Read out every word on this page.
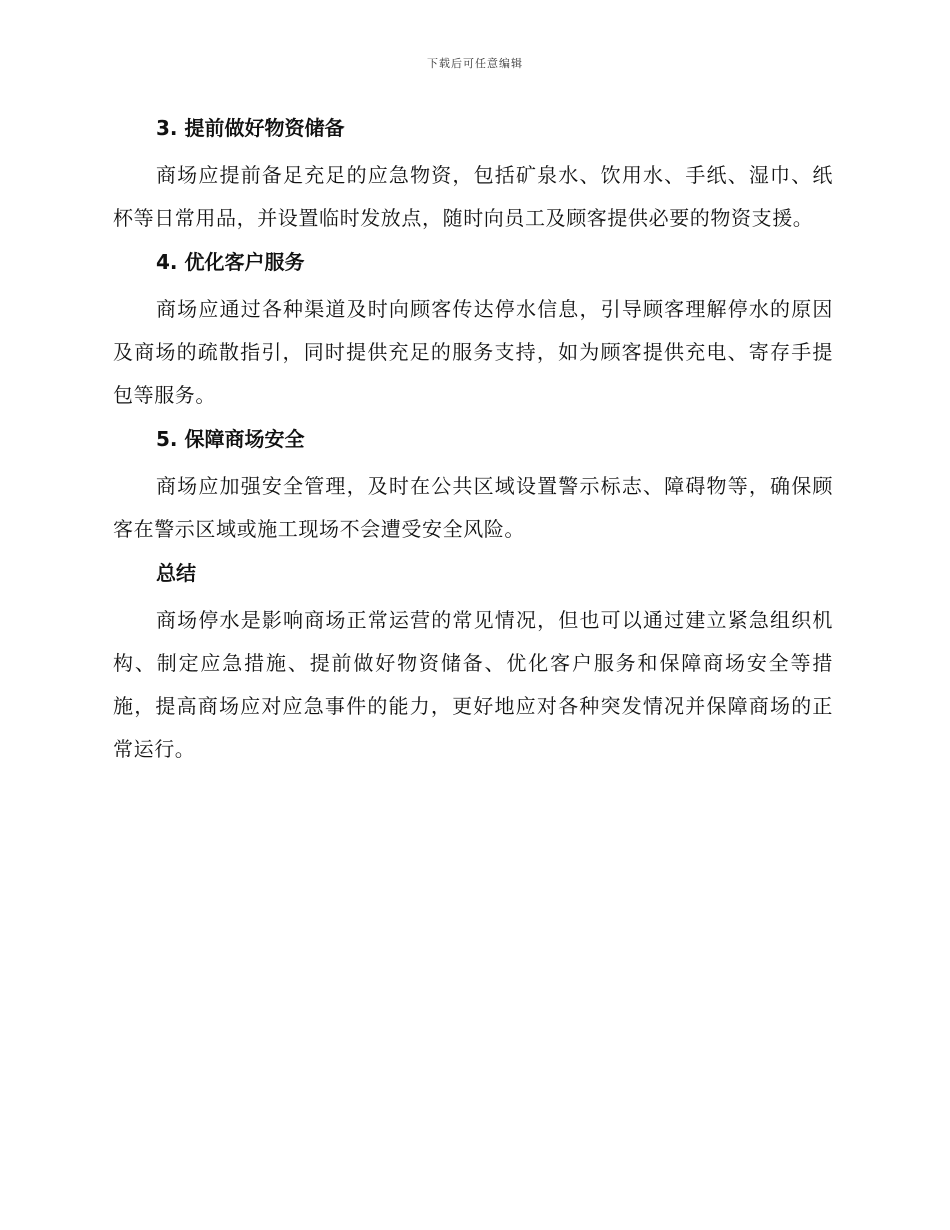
下载后可任意编辑
3. 提前做好物资储备

商场应提前备足充足的应急物资，包括矿泉水、饮用水、手纸、湿巾、纸杯等日常用品，并设置临时发放点，随时向员工及顾客提供必要的物资支援。

4. 优化客户服务

商场应通过各种渠道及时向顾客传达停水信息，引导顾客理解停水的原因及商场的疏散指引，同时提供充足的服务支持，如为顾客提供充电、寄存手提包等服务。

5. 保障商场安全

商场应加强安全管理，及时在公共区域设置警示标志、障碍物等，确保顾客在警示区域或施工现场不会遭受安全风险。

总结

商场停水是影响商场正常运营的常见情况，但也可以通过建立紧急组织机构、制定应急措施、提前做好物资储备、优化客户服务和保障商场安全等措施，提高商场应对应急事件的能力，更好地应对各种突发情况并保障商场的正常运行。
